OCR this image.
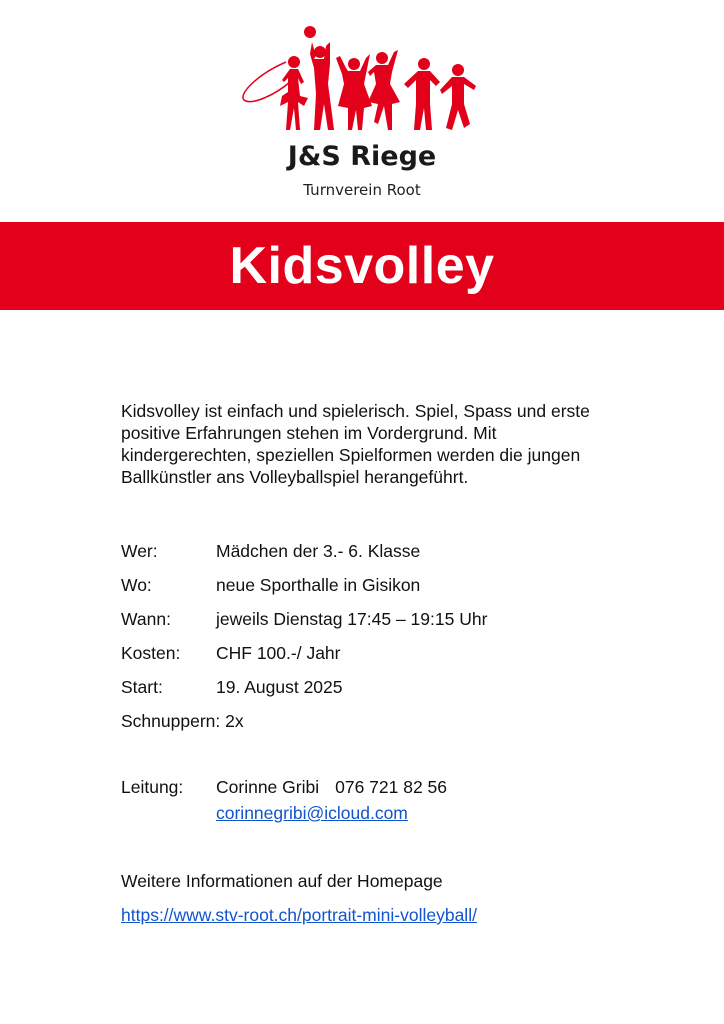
J&S Riege
Turnverein Root
Kidsvolley
Kidsvolley ist einfach und spielerisch. Spiel, Spass und erste positive Erfahrungen stehen im Vordergrund. Mit kindergerechten, speziellen Spielformen werden die jungen Ballkünstler ans Volleyballspiel herangeführt.
Wer:	Mädchen der 3.- 6. Klasse
Wo:	neue Sporthalle in Gisikon
Wann:	jeweils Dienstag 17:45 – 19:15 Uhr
Kosten: CHF 100.-/ Jahr
Start:	19. August 2025
Schnuppern: 2x
Leitung: Corinne Gribi 076 721 82 56
corinnegribi@icloud.com
Weitere Informationen auf der Homepage
https://www.stv-root.ch/portrait-mini-volleyball/
